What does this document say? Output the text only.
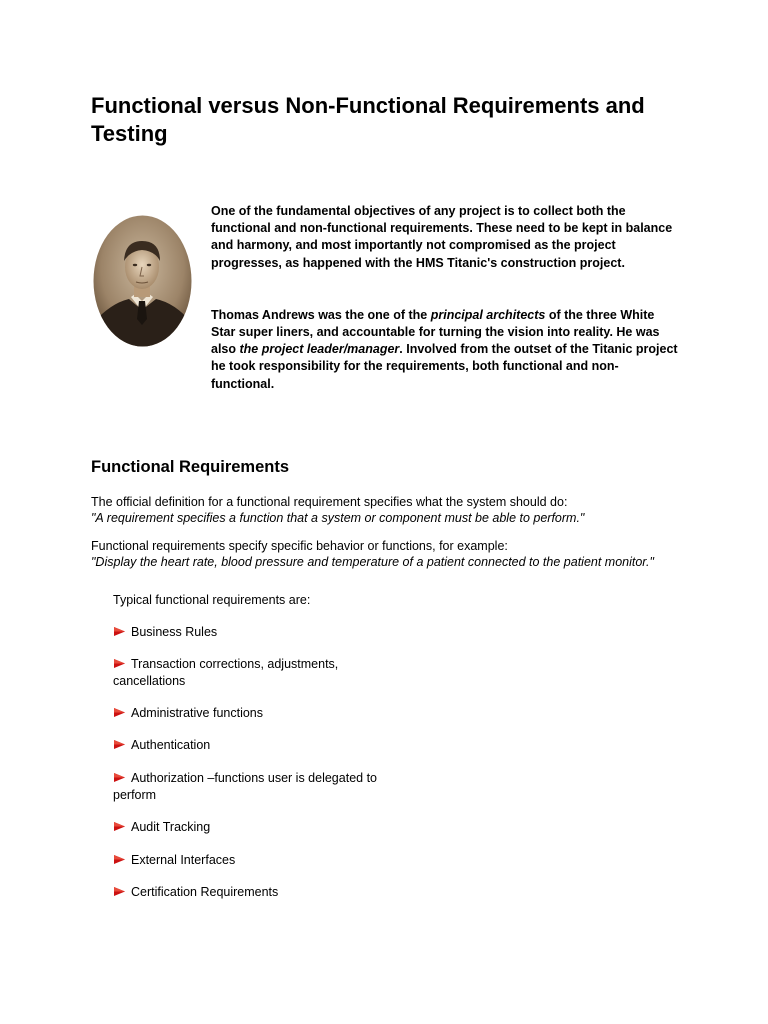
Functional versus Non-Functional Requirements and Testing

One of the fundamental objectives of any project is to collect both the functional and non-functional requirements. These need to be kept in balance and harmony, and most importantly not compromised as the project progresses, as happened with the HMS Titanic's construction project.

Thomas Andrews was the one of the principal architects of the three White Star super liners, and accountable for turning the vision into reality. He was also the project leader/manager. Involved from the outset of the Titanic project he took responsibility for the requirements, both functional and non-functional.

Functional Requirements
The official definition for a functional requirement specifies what the system should do:
"A requirement specifies a function that a system or component must be able to perform."
Functional requirements specify specific behavior or functions, for example:
"Display the heart rate, blood pressure and temperature of a patient connected to the patient monitor."
Typical functional requirements are:
Business Rules
Transaction corrections, adjustments, cancellations
Administrative functions
Authentication
Authorization –functions user is delegated to perform
Audit Tracking
External Interfaces
Certification Requirements
